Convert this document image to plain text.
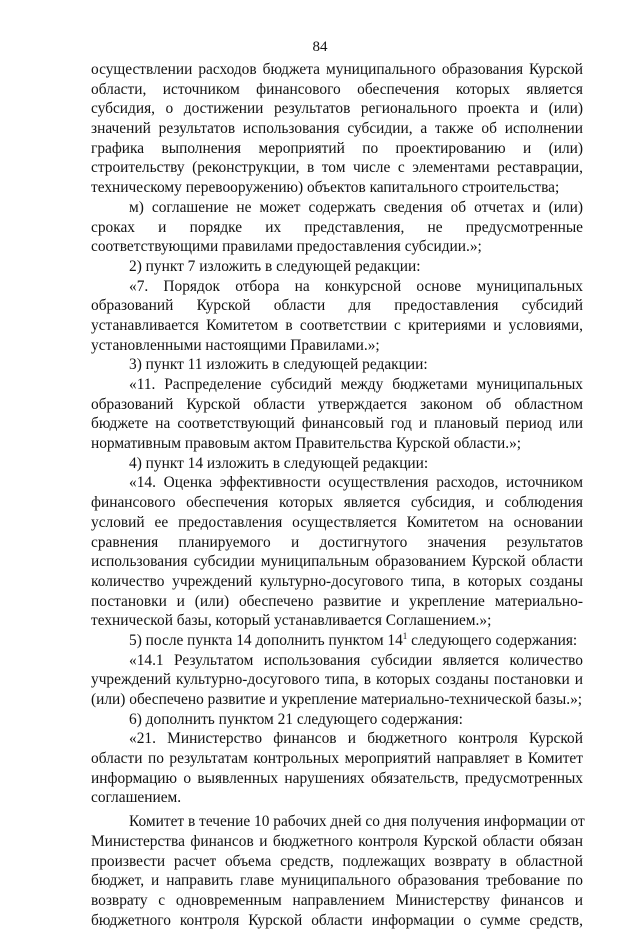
84
осуществлении расходов бюджета муниципального образования Курской
области, источником финансового обеспечения которых является
субсидия, о достижении результатов регионального проекта и (или)
значений результатов использования субсидии, а также об исполнении
графика выполнения мероприятий по проектированию и (или)
строительству (реконструкции, в том числе с элементами реставрации,
техническому перевооружению) объектов капитального строительства;
м) соглашение не может содержать сведения об отчетах и (или)
сроках и порядке их представления, не предусмотренные
соответствующими правилами предоставления субсидии.»;
2) пункт 7 изложить в следующей редакции:
«7. Порядок отбора на конкурсной основе муниципальных
образований Курской области для предоставления субсидий
устанавливается Комитетом в соответствии с критериями и условиями,
установленными настоящими Правилами.»;
3) пункт 11 изложить в следующей редакции:
«11. Распределение субсидий между бюджетами муниципальных
образований Курской области утверждается законом об областном
бюджете на соответствующий финансовый год и плановый период или
нормативным правовым актом Правительства Курской области.»;
4) пункт 14 изложить в следующей редакции:
«14. Оценка эффективности осуществления расходов, источником
финансового обеспечения которых является субсидия, и соблюдения
условий ее предоставления осуществляется Комитетом на основании
сравнения планируемого и достигнутого значения результатов
использования субсидии муниципальным образованием Курской области
количество учреждений культурно-досугового типа, в которых созданы
постановки и (или) обеспечено развитие и укрепление материально-
технической базы, который устанавливается Соглашением.»;
5) после пункта 14 дополнить пунктом $14^1$ следующего содержания:
«14.1 Результатом использования субсидии является количество
учреждений культурно-досугового типа, в которых созданы постановки и
(или) обеспечено развитие и укрепление материально-технической базы.»;
6) дополнить пунктом 21 следующего содержания:
«21. Министерство финансов и бюджетного контроля Курской
области по результатам контрольных мероприятий направляет в Комитет
информацию о выявленных нарушениях обязательств, предусмотренных
соглашением.
Комитет в течение 10 рабочих дней со дня получения информации от
Министерства финансов и бюджетного контроля Курской области обязан
произвести расчет объема средств, подлежащих возврату в областной
бюджет, и направить главе муниципального образования требование по
возврату с одновременным направлением Министерству финансов и
бюджетного контроля Курской области информации о сумме средств,
